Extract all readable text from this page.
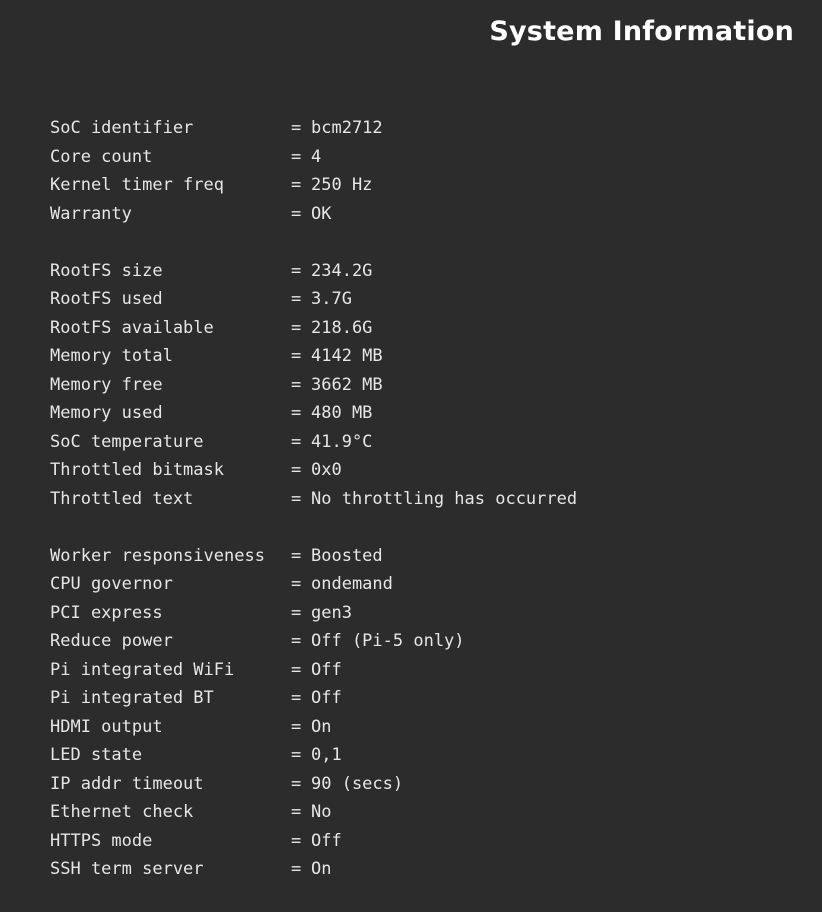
System Information
SoC identifier	= bcm2712
Core count	= 4
Kernel timer freq	= 250 Hz
Warranty	= OK
RootFS size	= 234.2G
RootFS used	= 3.7G
RootFS available	= 218.6G
Memory total	= 4142 MB
Memory free	= 3662 MB
Memory used	= 480 MB
SoC temperature	= 41.9°C
Throttled bitmask	= 0x0
Throttled text	= No throttling has occurred
Worker responsiveness	= Boosted
CPU governor	= ondemand
PCI express	= gen3
Reduce power	= Off (Pi-5 only)
Pi integrated WiFi	= Off
Pi integrated BT	= Off
HDMI output	= On
LED state	= 0,1
IP addr timeout	= 90 (secs)
Ethernet check	= No
HTTPS mode	= Off
SSH term server	= On
